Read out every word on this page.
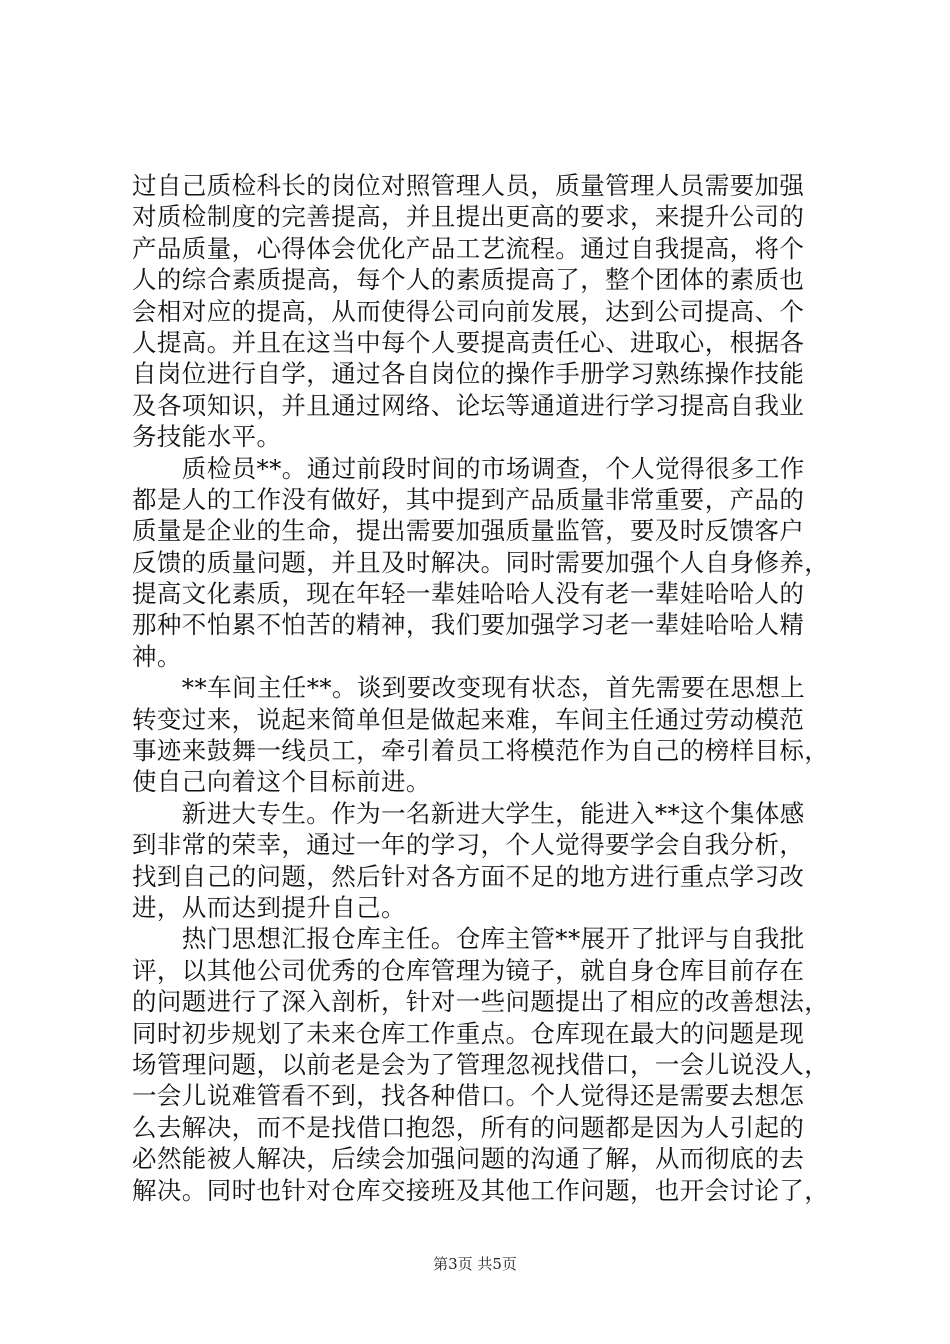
过自己质检科长的岗位对照管理人员，质量管理人员需要加强
对质检制度的完善提高，并且提出更高的要求，来提升公司的
产品质量，心得体会优化产品工艺流程。通过自我提高，将个
人的综合素质提高，每个人的素质提高了，整个团体的素质也
会相对应的提高，从而使得公司向前发展，达到公司提高、个
人提高。并且在这当中每个人要提高责任心、进取心，根据各
自岗位进行自学，通过各自岗位的操作手册学习熟练操作技能
及各项知识，并且通过网络、论坛等通道进行学习提高自我业
务技能水平。
　　质检员**。通过前段时间的市场调查，个人觉得很多工作
都是人的工作没有做好，其中提到产品质量非常重要，产品的
质量是企业的生命，提出需要加强质量监管，要及时反馈客户
反馈的质量问题，并且及时解决。同时需要加强个人自身修养，
提高文化素质，现在年轻一辈娃哈哈人没有老一辈娃哈哈人的
那种不怕累不怕苦的精神，我们要加强学习老一辈娃哈哈人精
神。
　　**车间主任**。谈到要改变现有状态，首先需要在思想上
转变过来，说起来简单但是做起来难，车间主任通过劳动模范
事迹来鼓舞一线员工，牵引着员工将模范作为自己的榜样目标，
使自己向着这个目标前进。
　　新进大专生。作为一名新进大学生，能进入**这个集体感
到非常的荣幸，通过一年的学习，个人觉得要学会自我分析，
找到自己的问题，然后针对各方面不足的地方进行重点学习改
进，从而达到提升自己。
　　热门思想汇报仓库主任。仓库主管**展开了批评与自我批
评，以其他公司优秀的仓库管理为镜子，就自身仓库目前存在
的问题进行了深入剖析，针对一些问题提出了相应的改善想法，
同时初步规划了未来仓库工作重点。仓库现在最大的问题是现
场管理问题，以前老是会为了管理忽视找借口，一会儿说没人，
一会儿说难管看不到，找各种借口。个人觉得还是需要去想怎
么去解决，而不是找借口抱怨，所有的问题都是因为人引起的
必然能被人解决，后续会加强问题的沟通了解，从而彻底的去
解决。同时也针对仓库交接班及其他工作问题，也开会讨论了，
第3页 共5页
